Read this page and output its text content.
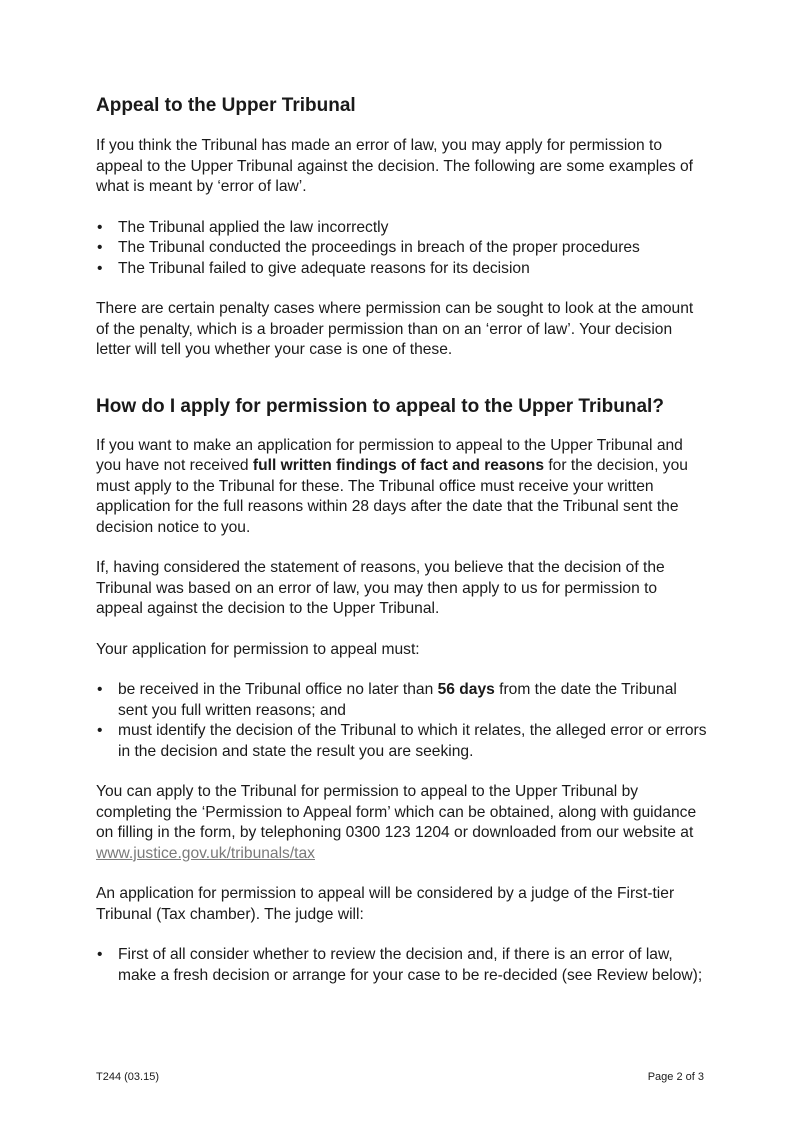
Appeal to the Upper Tribunal

If you think the Tribunal has made an error of law, you may apply for permission to appeal to the Upper Tribunal against the decision. The following are some examples of what is meant by ‘error of law’.

• The Tribunal applied the law incorrectly
• The Tribunal conducted the proceedings in breach of the proper procedures
• The Tribunal failed to give adequate reasons for its decision

There are certain penalty cases where permission can be sought to look at the amount of the penalty, which is a broader permission than on an ‘error of law’. Your decision letter will tell you whether your case is one of these.

How do I apply for permission to appeal to the Upper Tribunal?

If you want to make an application for permission to appeal to the Upper Tribunal and you have not received full written findings of fact and reasons for the decision, you must apply to the Tribunal for these. The Tribunal office must receive your written application for the full reasons within 28 days after the date that the Tribunal sent the decision notice to you.

If, having considered the statement of reasons, you believe that the decision of the Tribunal was based on an error of law, you may then apply to us for permission to appeal against the decision to the Upper Tribunal.

Your application for permission to appeal must:

• be received in the Tribunal office no later than 56 days from the date the Tribunal sent you full written reasons; and
• must identify the decision of the Tribunal to which it relates, the alleged error or errors in the decision and state the result you are seeking.

You can apply to the Tribunal for permission to appeal to the Upper Tribunal by completing the ‘Permission to Appeal form’ which can be obtained, along with guidance on filling in the form, by telephoning 0300 123 1204 or downloaded from our website at www.justice.gov.uk/tribunals/tax

An application for permission to appeal will be considered by a judge of the First-tier Tribunal (Tax chamber). The judge will:

• First of all consider whether to review the decision and, if there is an error of law, make a fresh decision or arrange for your case to be re-decided (see Review below);
T244 (03.15)	Page 2 of 3
